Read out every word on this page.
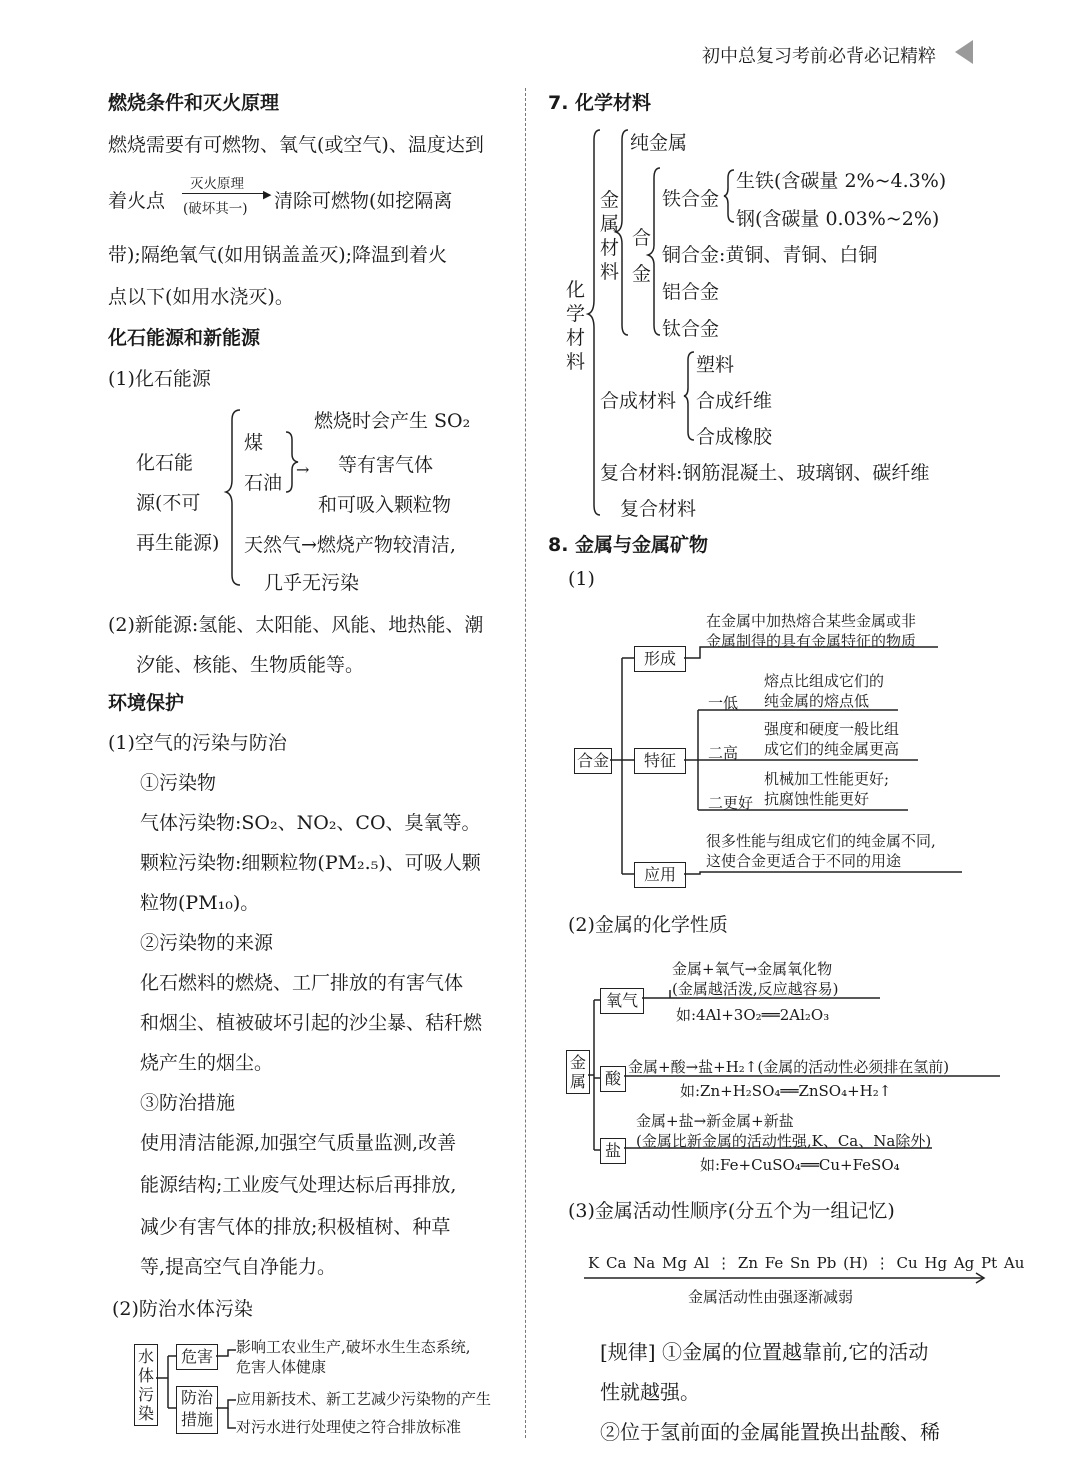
初中总复习考前必背必记精粹
燃烧条件和灭火原理
燃烧需要有可燃物、氧气(或空气)、温度达到
着火点
灭火原理
▶
(破坏其一) 清除可燃物(如挖隔离
带);隔绝氧气(如用锅盖盖灭);降温到着火
点以下(如用水浇灭)。
化石能源和新能源
(1)化石能源
化石能
源(不可
再生能源)
煤
石油
燃烧时会产生 SO₂
等有害气体
和可吸入颗粒物
天然气→燃烧产物较清洁,
几乎无污染
→
(2)新能源:氢能、太阳能、风能、地热能、潮
汐能、核能、生物质能等。
环境保护
(1)空气的污染与防治
①污染物
气体污染物:SO₂、NO₂、CO、臭氧等。
颗粒污染物:细颗粒物(PM₂.₅)、可吸人颗
粒物(PM₁₀)。
②污染物的来源
化石燃料的燃烧、工厂排放的有害气体
和烟尘、植被破坏引起的沙尘暴、秸秆燃
烧产生的烟尘。
③防治措施
使用清洁能源,加强空气质量监测,改善
能源结构;工业废气处理达标后再排放,
减少有害气体的排放;积极植树、种草
等,提高空气自净能力。
(2)防治水体污染
水体污染
危害
防治措施
影响工农业生产,破坏水生生态系统,
危害人体健康
应用新技术、新工艺减少污染物的产生
对污水进行处理使之符合排放标准
7. 化学材料
化学材料
金属材料
纯金属
合金
铁合金
生铁(含碳量 2%~4.3%)
钢(含碳量 0.03%~2%)
铜合金:黄铜、青铜、白铜
铝合金
钛合金
合成材料
塑料
合成纤维
合成橡胶
复合材料:钢筋混凝土、玻璃钢、碳纤维
复合材料
8. 金属与金属矿物
(1)
合金
形成
特征
应用
在金属中加热熔合某些金属或非
金属制得的具有金属特征的物质
一低
熔点比组成它们的
纯金属的熔点低
二高
强度和硬度一般比组
成它们的纯金属更高
二更好
机械加工性能更好;
抗腐蚀性能更好
很多性能与组成它们的纯金属不同,
这使合金更适合于不同的用途
(2)金属的化学性质
金属
氧气
酸
盐
金属+氧气→金属氧化物
(金属越活泼,反应越容易)
如:4Al+3O₂══2Al₂O₃
金属+酸→盐+H₂↑(金属的活动性必须排在氢前)
如:Zn+H₂SO₄══ZnSO₄+H₂↑
金属+盐→新金属+新盐
(金属比新金属的活动性强,K、Ca、Na除外)
如:Fe+CuSO₄══Cu+FeSO₄
(3)金属活动性顺序(分五个为一组记忆)
K Ca Na Mg Al ⋮ Zn Fe Sn Pb (H) ⋮ Cu Hg Ag Pt Au
金属活动性由强逐渐减弱
[规律] ①金属的位置越靠前,它的活动
性就越强。
②位于氢前面的金属能置换出盐酸、稀
